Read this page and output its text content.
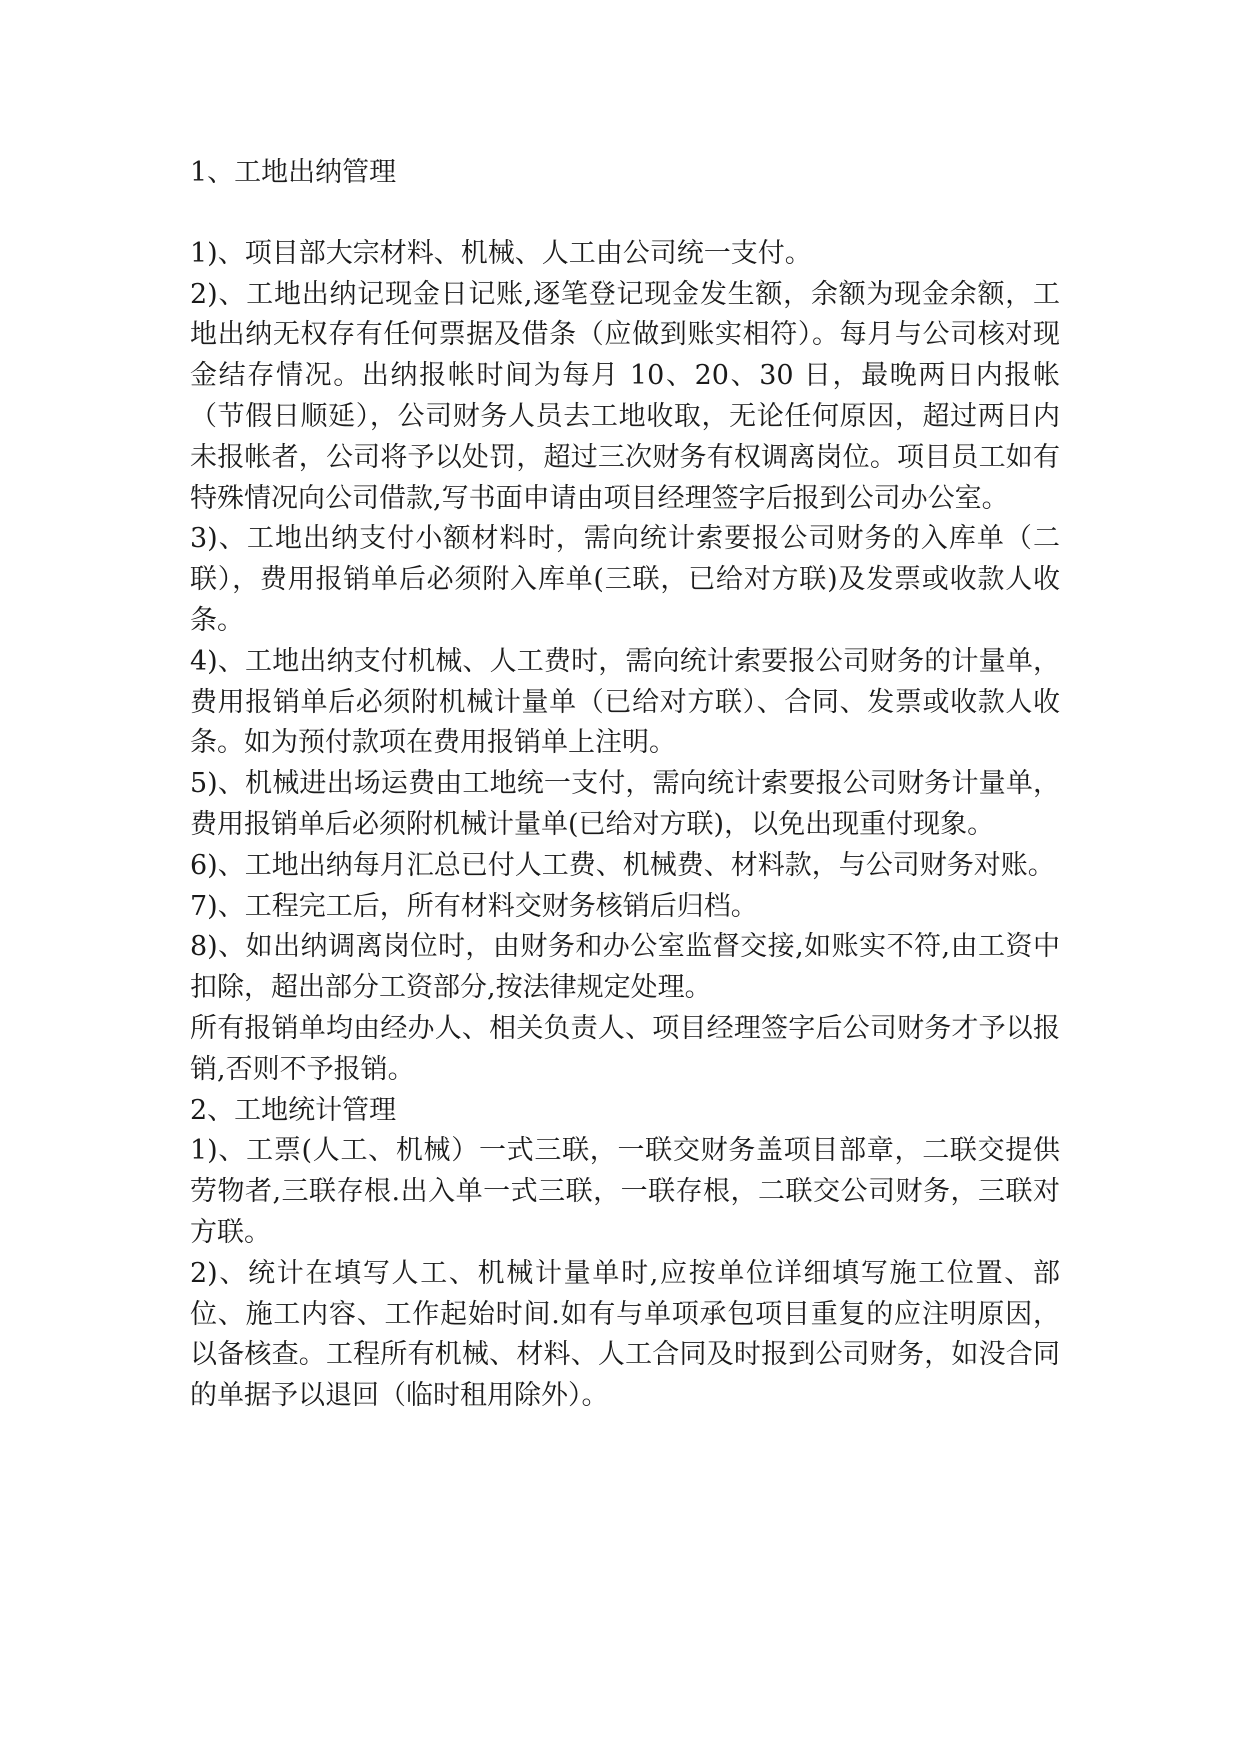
1、工地出纳管理

1)、项目部大宗材料、机械、人工由公司统一支付。

2)、工地出纳记现金日记账,逐笔登记现金发生额，余额为现金余额，工地出纳无权存有任何票据及借条（应做到账实相符）。每月与公司核对现金结存情况。出纳报帐时间为每月 10、20、30 日，最晚两日内报帐（节假日顺延），公司财务人员去工地收取，无论任何原因，超过两日内未报帐者，公司将予以处罚，超过三次财务有权调离岗位。项目员工如有特殊情况向公司借款,写书面申请由项目经理签字后报到公司办公室。

3)、工地出纳支付小额材料时，需向统计索要报公司财务的入库单（二联），费用报销单后必须附入库单(三联，已给对方联)及发票或收款人收条。

4)、工地出纳支付机械、人工费时，需向统计索要报公司财务的计量单，费用报销单后必须附机械计量单（已给对方联）、合同、发票或收款人收条。如为预付款项在费用报销单上注明。

5)、机械进出场运费由工地统一支付，需向统计索要报公司财务计量单，费用报销单后必须附机械计量单(已给对方联)，以免出现重付现象。

6)、工地出纳每月汇总已付人工费、机械费、材料款，与公司财务对账。

7)、工程完工后，所有材料交财务核销后归档。

8)、如出纳调离岗位时，由财务和办公室监督交接,如账实不符,由工资中扣除，超出部分工资部分,按法律规定处理。

所有报销单均由经办人、相关负责人、项目经理签字后公司财务才予以报销,否则不予报销。

2、工地统计管理

1)、工票(人工、机械）一式三联，一联交财务盖项目部章，二联交提供劳物者,三联存根.出入单一式三联，一联存根，二联交公司财务，三联对方联。

2)、统计在填写人工、机械计量单时,应按单位详细填写施工位置、部位、施工内容、工作起始时间.如有与单项承包项目重复的应注明原因，以备核查。工程所有机械、材料、人工合同及时报到公司财务，如没合同的单据予以退回（临时租用除外）。
